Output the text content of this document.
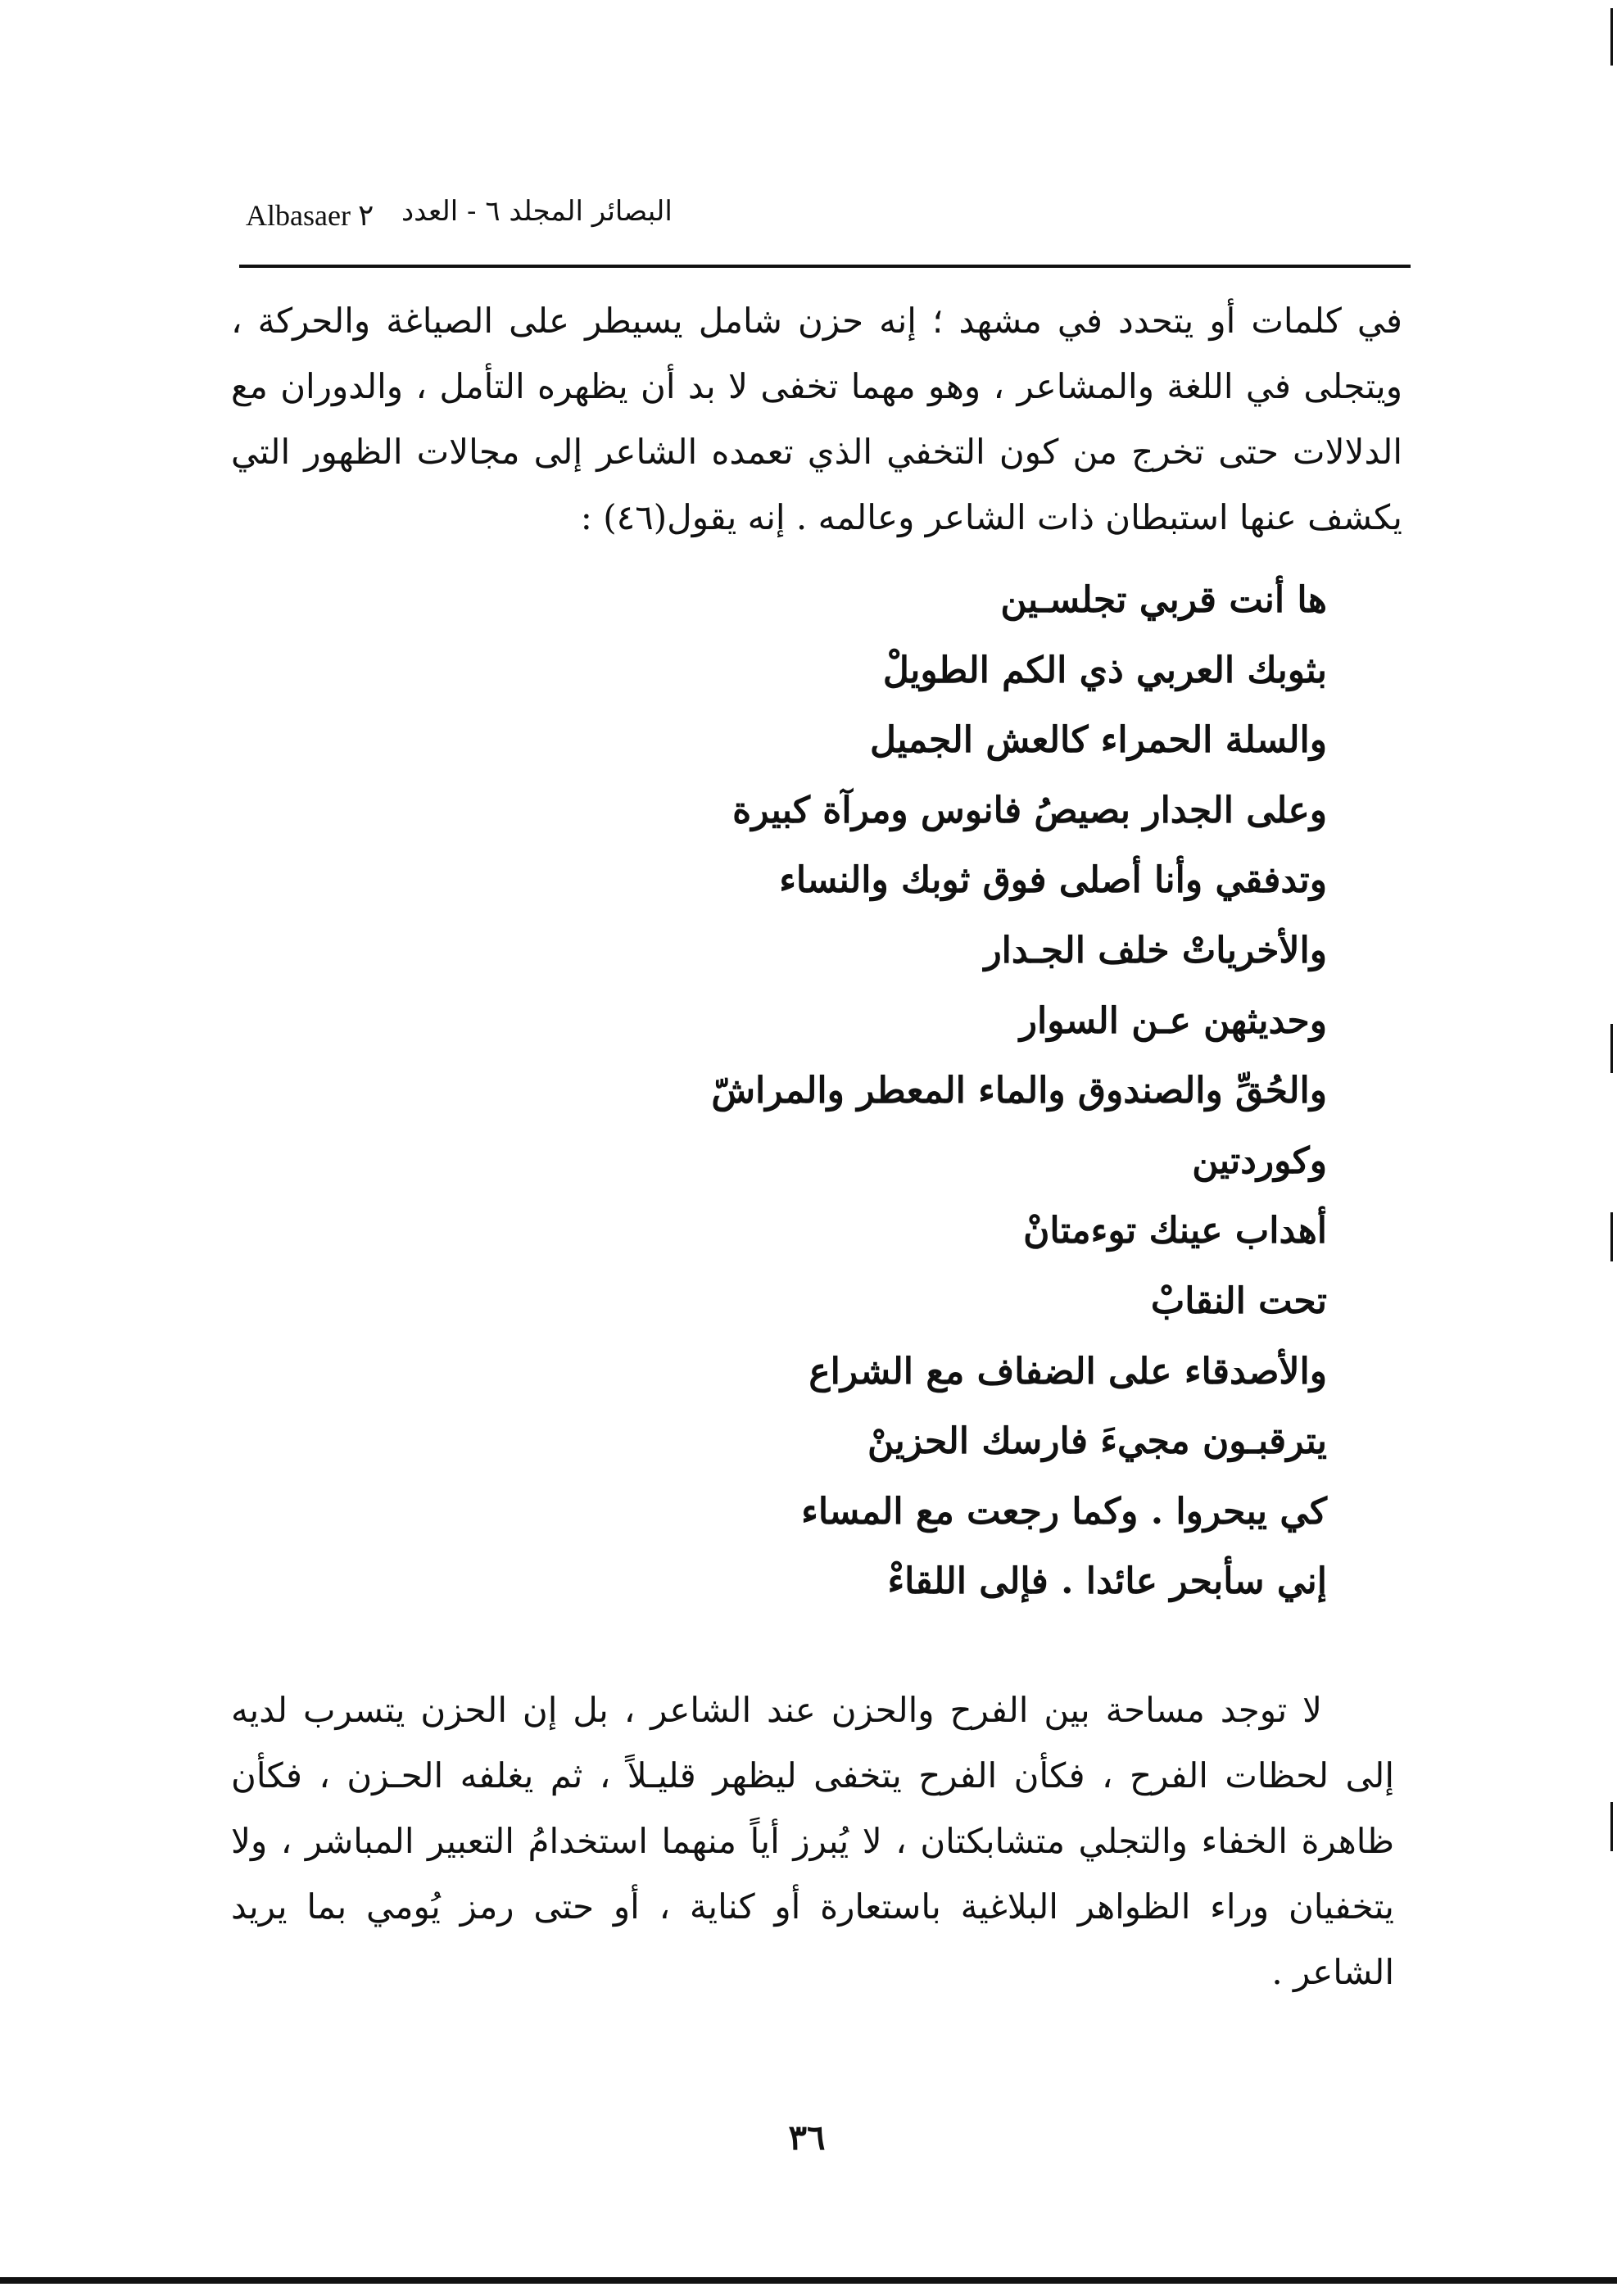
Albasaer ٢ البصائر المجلد ٦ - العدد

في كلمات أو يتحدد في مشهد ؛ إنه حزن شامل يسيطر على الصياغة والحركة ، ويتجلى في اللغة والمشاعر ، وهو مهما تخفى لا بد أن يظهره التأمل ، والدوران مع الدلالات حتى تخرج من كون التخفي الذي تعمده الشاعر إلى مجالات الظهور التي يكشف عنها استبطان ذات الشاعر وعالمه . إنه يقول(٤٦) :

ها أنت قربي تجلسـين
بثوبك العربي ذي الكم الطويلْ
والسلة الحمراء كالعش الجميل
وعلى الجدار بصيصُ فانوس ومرآة كبيرة
وتدفقي وأنا أصلى فوق ثوبك والنساء
والأخرياتْ خلف الجـدار
وحديثهن عـن السوار
والحُقِّ والصندوق والماء المعطر والمراشّ
وكوردتين
أهداب عينك توءمتانْ
تحت النقابْ
والأصدقاء على الضفاف مع الشراع
يترقبـون مجيءَ فارسك الحزينْ
كي يبحروا . وكما رجعت مع المساء
إني سأبحر عائدا . فإلى اللقاءْ

لا توجد مساحة بين الفرح والحزن عند الشاعر ، بل إن الحزن يتسرب لديه إلى لحظات الفرح ، فكأن الفرح يتخفى ليظهر قليـلاً ، ثم يغلفه الحـزن ، فكأن ظاهرة الخفاء والتجلي متشابكتان ، لا يُبرز أياً منهما استخدامُ التعبير المباشر ، ولا يتخفيان وراء الظواهر البلاغية باستعارة أو كناية ، أو حتى رمز يُومي بما يريد الشاعر .

٣٦
